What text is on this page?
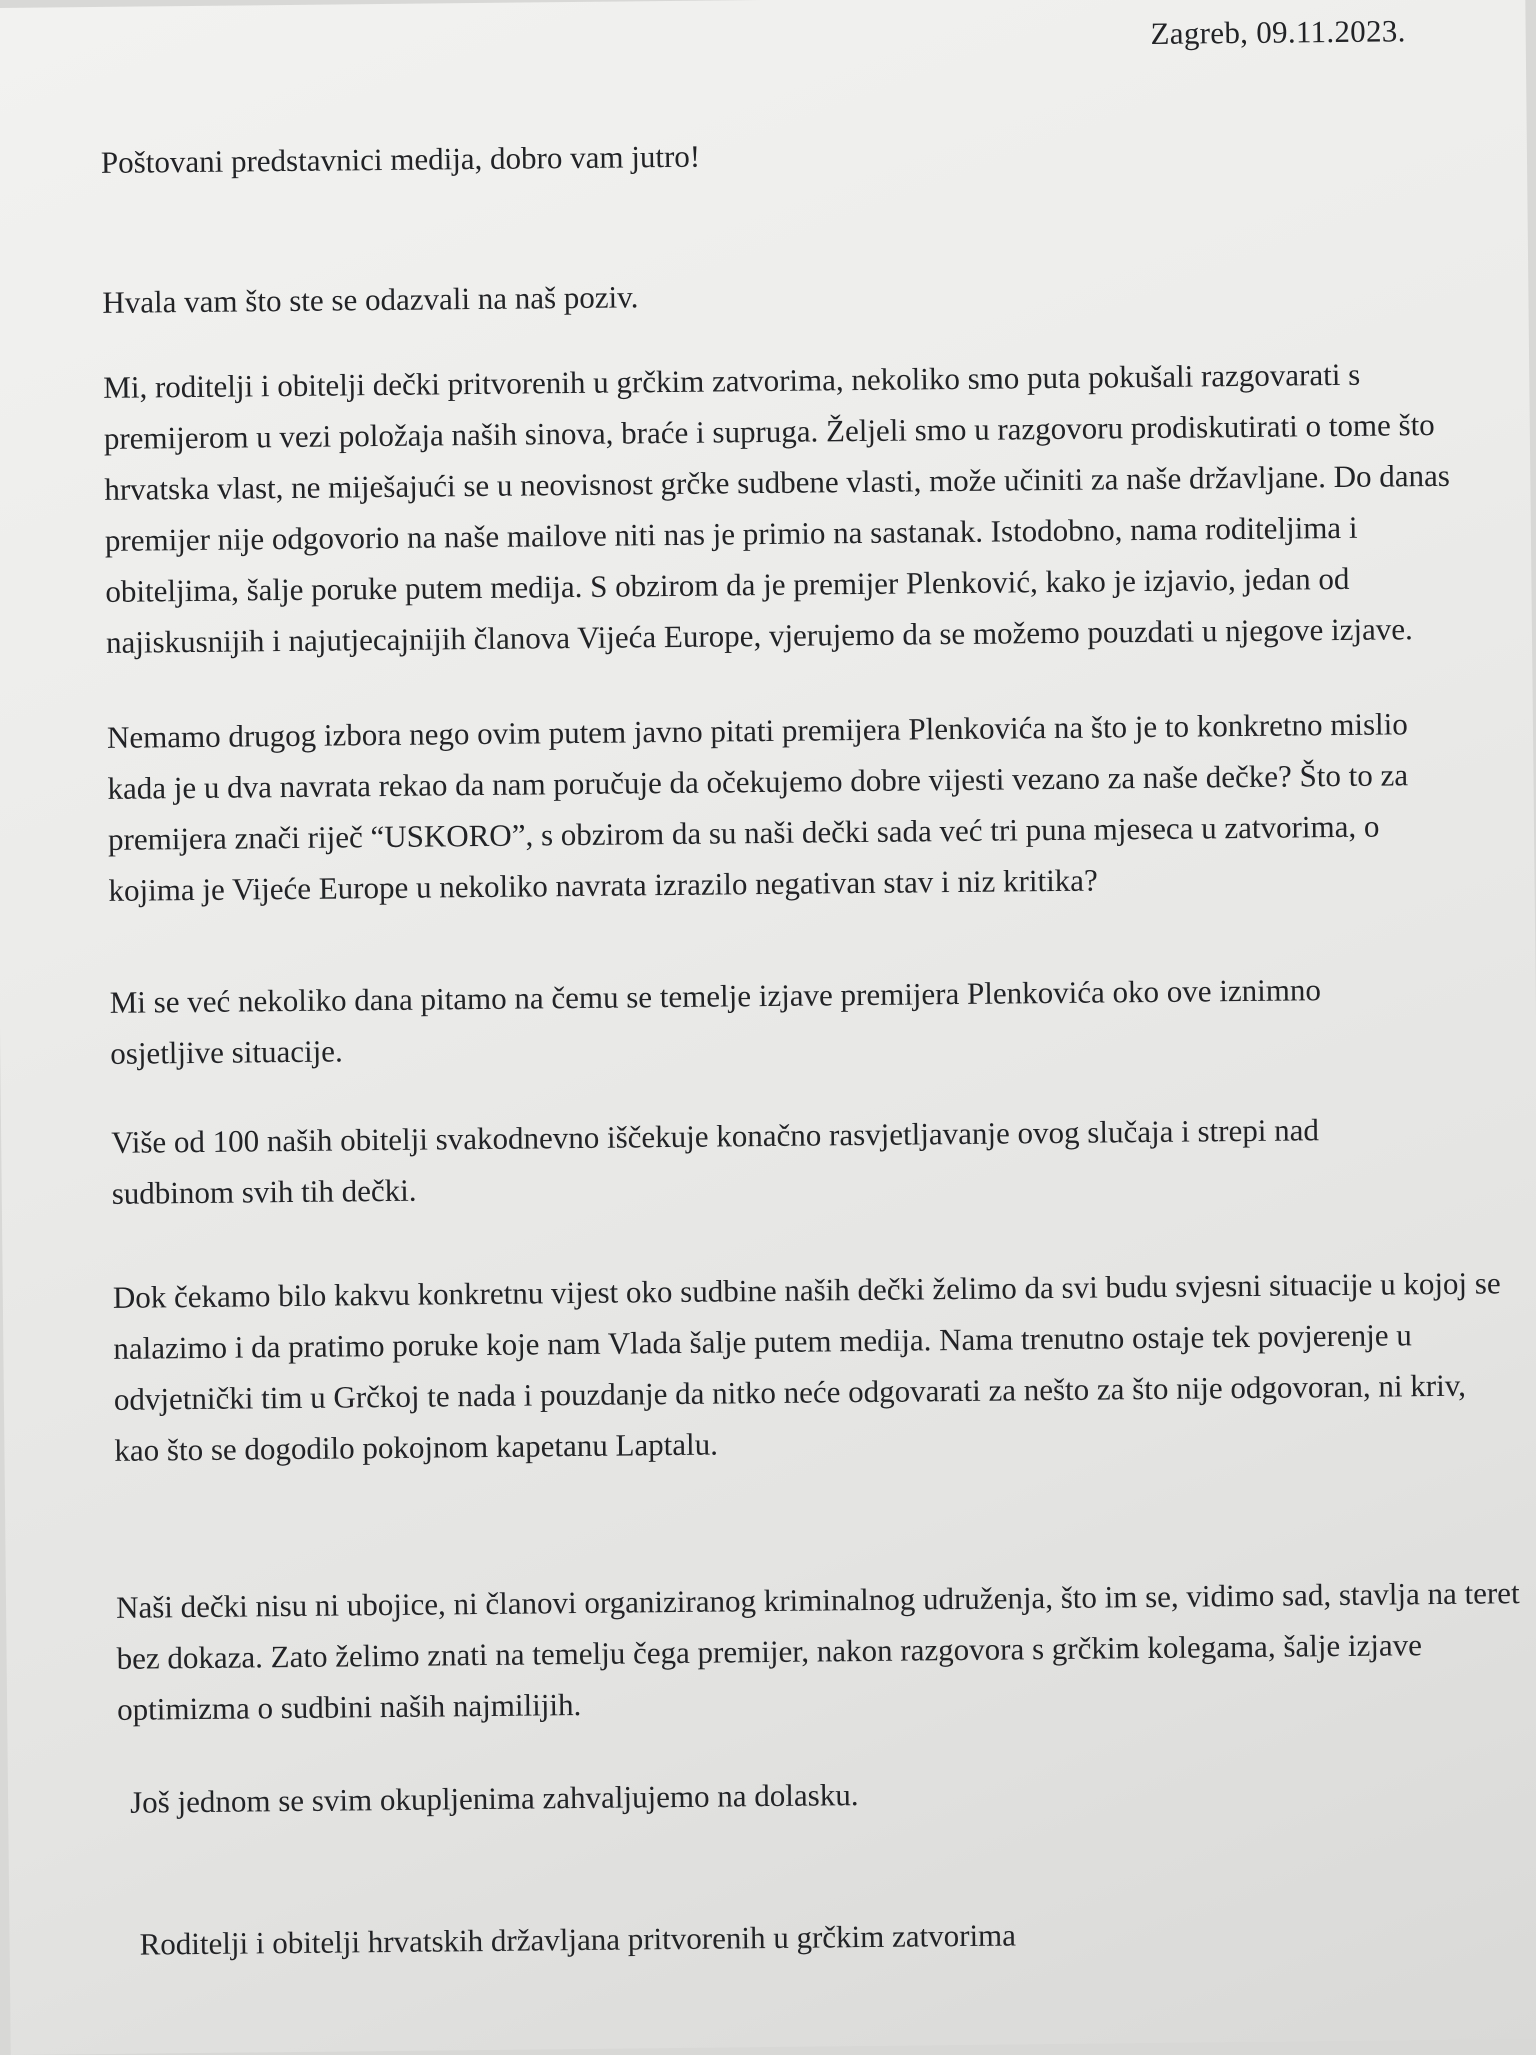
Zagreb, 09.11.2023.

Poštovani predstavnici medija, dobro vam jutro!

Hvala vam što ste se odazvali na naš poziv.

Mi, roditelji i obitelji dečki pritvorenih u grčkim zatvorima, nekoliko smo puta pokušali razgovarati s premijerom u vezi položaja naših sinova, braće i supruga. Željeli smo u razgovoru prodiskutirati o tome što hrvatska vlast, ne miješajući se u neovisnost grčke sudbene vlasti, može učiniti za naše državljane. Do danas premijer nije odgovorio na naše mailove niti nas je primio na sastanak. Istodobno, nama roditeljima i obiteljima, šalje poruke putem medija. S obzirom da je premijer Plenković, kako je izjavio, jedan od najiskusnijih i najutjecajnijih članova Vijeća Europe, vjerujemo da se možemo pouzdati u njegove izjave.

Nemamo drugog izbora nego ovim putem javno pitati premijera Plenkovića na što je to konkretno mislio kada je u dva navrata rekao da nam poručuje da očekujemo dobre vijesti vezano za naše dečke? Što to za premijera znači riječ “USKORO”, s obzirom da su naši dečki sada već tri puna mjeseca u zatvorima, o kojima je Vijeće Europe u nekoliko navrata izrazilo negativan stav i niz kritika?

Mi se već nekoliko dana pitamo na čemu se temelje izjave premijera Plenkovića oko ove iznimno osjetljive situacije.

Više od 100 naših obitelji svakodnevno iščekuje konačno rasvjetljavanje ovog slučaja i strepi nad sudbinom svih tih dečki.

Dok čekamo bilo kakvu konkretnu vijest oko sudbine naših dečki želimo da svi budu svjesni situacije u kojoj se nalazimo i da pratimo poruke koje nam Vlada šalje putem medija. Nama trenutno ostaje tek povjerenje u odvjetnički tim u Grčkoj te nada i pouzdanje da nitko neće odgovarati za nešto za što nije odgovoran, ni kriv, kao što se dogodilo pokojnom kapetanu Laptalu.

Naši dečki nisu ni ubojice, ni članovi organiziranog kriminalnog udruženja, što im se, vidimo sad, stavlja na teret bez dokaza. Zato želimo znati na temelju čega premijer, nakon razgovora s grčkim kolegama, šalje izjave optimizma o sudbini naših najmilijih.

Još jednom se svim okupljenima zahvaljujemo na dolasku.

Roditelji i obitelji hrvatskih državljana pritvorenih u grčkim zatvorima
